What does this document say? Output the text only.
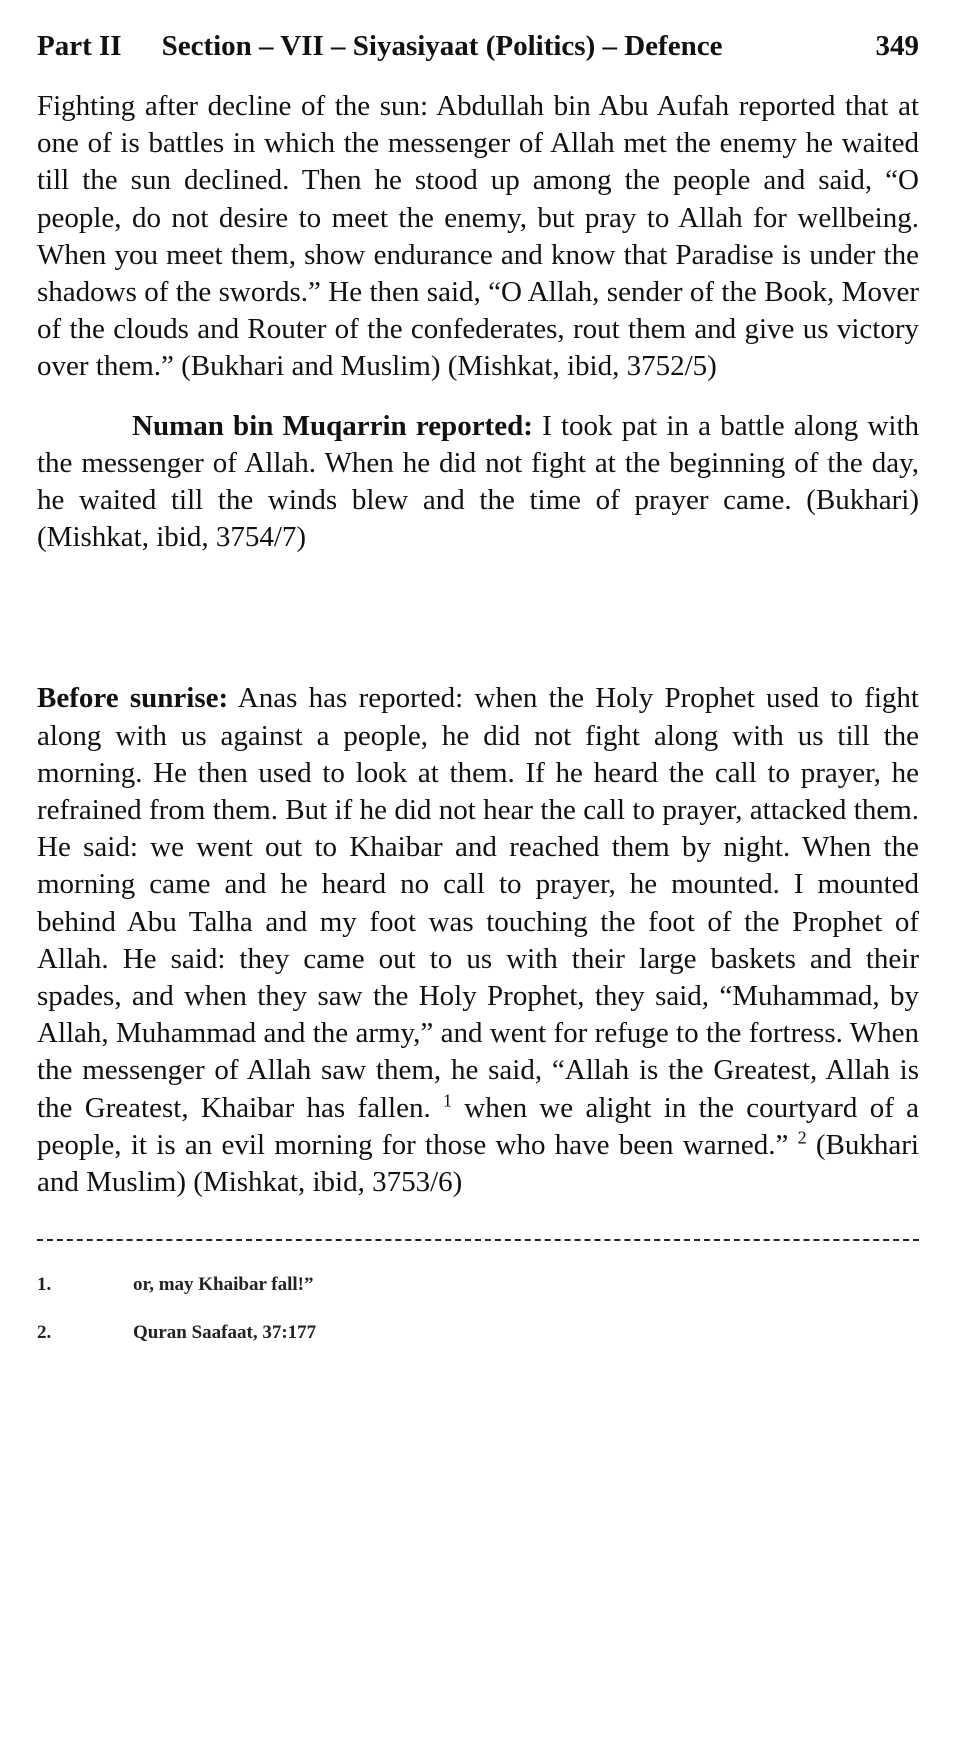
Part II Section – VII – Siyasiyaat (Politics) – Defence	349

Fighting after decline of the sun: Abdullah bin Abu Aufah reported that at one of is battles in which the messenger of Allah met the enemy he waited till the sun declined. Then he stood up among the people and said, “O people, do not desire to meet the enemy, but pray to Allah for wellbeing. When you meet them, show endurance and know that Paradise is under the shadows of the swords.” He then said, “O Allah, sender of the Book, Mover of the clouds and Router of the confederates, rout them and give us victory over them.” (Bukhari and Muslim) (Mishkat, ibid, 3752/5)

Numan bin Muqarrin reported: I took pat in a battle along with the messenger of Allah. When he did not fight at the beginning of the day, he waited till the winds blew and the time of prayer came. (Bukhari) (Mishkat, ibid, 3754/7)

Before sunrise: Anas has reported: when the Holy Prophet used to fight along with us against a people, he did not fight along with us till the morning. He then used to look at them. If he heard the call to prayer, he refrained from them. But if he did not hear the call to prayer, attacked them. He said: we went out to Khaibar and reached them by night. When the morning came and he heard no call to prayer, he mounted. I mounted behind Abu Talha and my foot was touching the foot of the Prophet of Allah. He said: they came out to us with their large baskets and their spades, and when they saw the Holy Prophet, they said, “Muhammad, by Allah, Muhammad and the army,” and went for refuge to the fortress. When the messenger of Allah saw them, he said, “Allah is the Greatest, Allah is the Greatest, Khaibar has fallen. $^1$ when we alight in the courtyard of a people, it is an evil morning for those who have been warned.” $^2$ (Bukhari and Muslim) (Mishkat, ibid, 3753/6)

1.	or, may Khaibar fall!”
2.	Quran Saafaat, 37:177
